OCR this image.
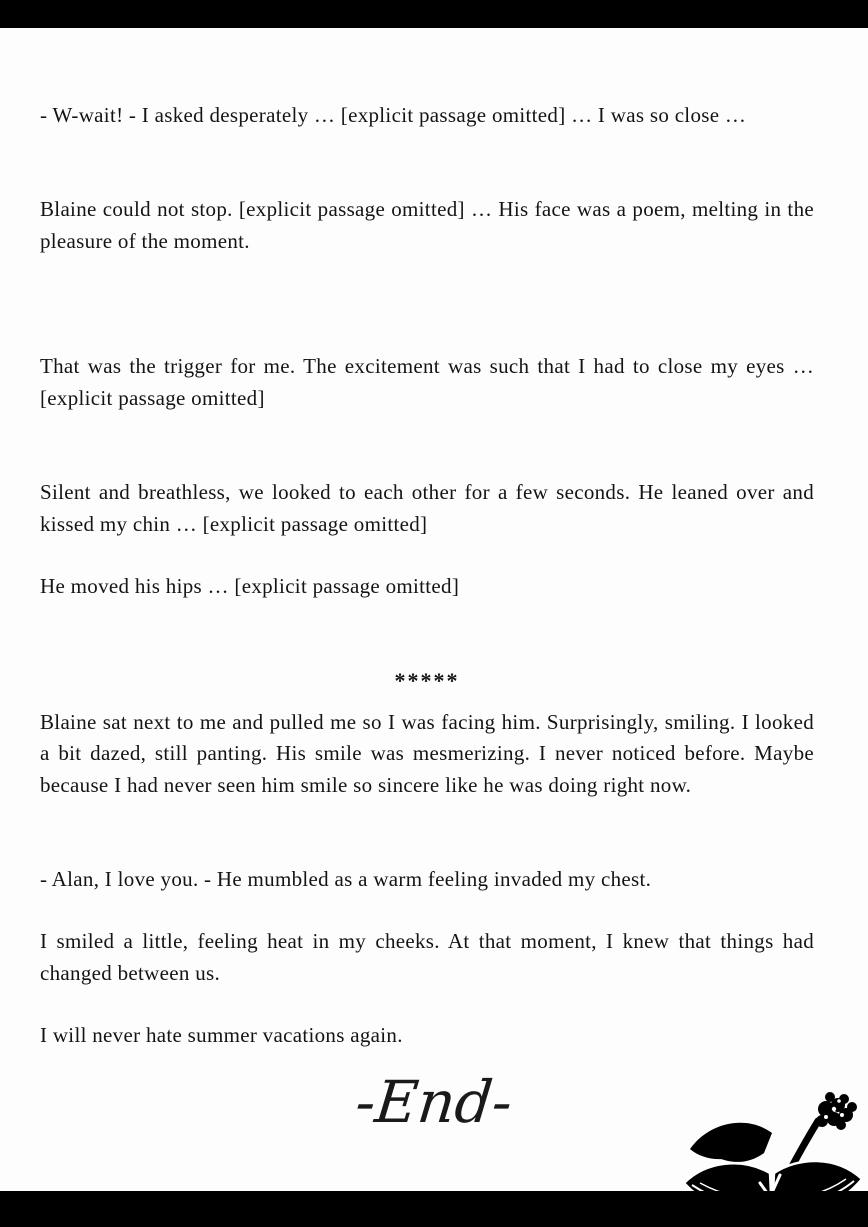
- W-wait! - I asked desperately … [explicit passage omitted] … I was so close …

Blaine could not stop. [explicit passage omitted] … His face was a poem, melting in the pleasure of the moment.

That was the trigger for me. The excitement was such that I had to close my eyes … [explicit passage omitted]

Silent and breathless, we looked to each other for a few seconds. He leaned over and kissed my chin … [explicit passage omitted]

He moved his hips … [explicit passage omitted]

*****

Blaine sat next to me and pulled me so I was facing him. Surprisingly, smiling. I looked a bit dazed, still panting. His smile was mesmerizing. I never noticed before. Maybe because I had never seen him smile so sincere like he was doing right now.

- Alan, I love you. - He mumbled as a warm feeling invaded my chest.

I smiled a little, feeling heat in my cheeks. At that moment, I knew that things had changed between us.

I will never hate summer vacations again.

-End-
